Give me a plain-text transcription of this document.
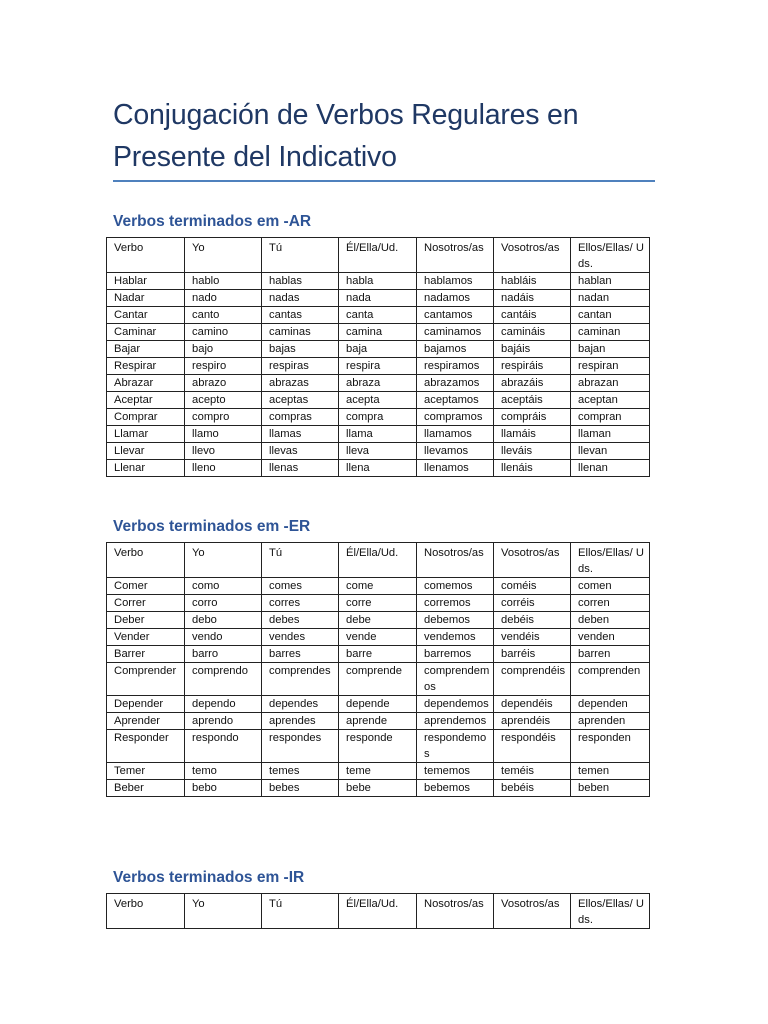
Conjugación de Verbos Regulares en Presente del Indicativo
Verbos terminados em -AR
Verbo	Yo	Tú	Él/Ella/Ud.	Nosotros/as	Vosotros/as	Ellos/Ellas/ Uds.
Hablar	hablo	hablas	habla	hablamos	habláis	hablan
Nadar	nado	nadas	nada	nadamos	nadáis	nadan
Cantar	canto	cantas	canta	cantamos	cantáis	cantan
Caminar	camino	caminas	camina	caminamos	camináis	caminan
Bajar	bajo	bajas	baja	bajamos	bajáis	bajan
Respirar	respiro	respiras	respira	respiramos	respiráis	respiran
Abrazar	abrazo	abrazas	abraza	abrazamos	abrazáis	abrazan
Aceptar	acepto	aceptas	acepta	aceptamos	aceptáis	aceptan
Comprar	compro	compras	compra	compramos	compráis	compran
Llamar	llamo	llamas	llama	llamamos	llamáis	llaman
Llevar	llevo	llevas	lleva	llevamos	lleváis	llevan
Llenar	lleno	llenas	llena	llenamos	llenáis	llenan
Verbos terminados em -ER
Verbo	Yo	Tú	Él/Ella/Ud.	Nosotros/as	Vosotros/as	Ellos/Ellas/ Uds.
Comer	como	comes	come	comemos	coméis	comen
Correr	corro	corres	corre	corremos	corréis	corren
Deber	debo	debes	debe	debemos	debéis	deben
Vender	vendo	vendes	vende	vendemos	vendéis	venden
Barrer	barro	barres	barre	barremos	barréis	barren
Comprender	comprendo	comprendes	comprende	comprendemos	comprendéis	comprenden
Depender	dependo	dependes	depende	dependemos	dependéis	dependen
Aprender	aprendo	aprendes	aprende	aprendemos	aprendéis	aprenden
Responder	respondo	respondes	responde	respondemos	respondéis	responden
Temer	temo	temes	teme	tememos	teméis	temen
Beber	bebo	bebes	bebe	bebemos	bebéis	beben
Verbos terminados em -IR
Verbo	Yo	Tú	Él/Ella/Ud.	Nosotros/as	Vosotros/as	Ellos/Ellas/ Uds.
